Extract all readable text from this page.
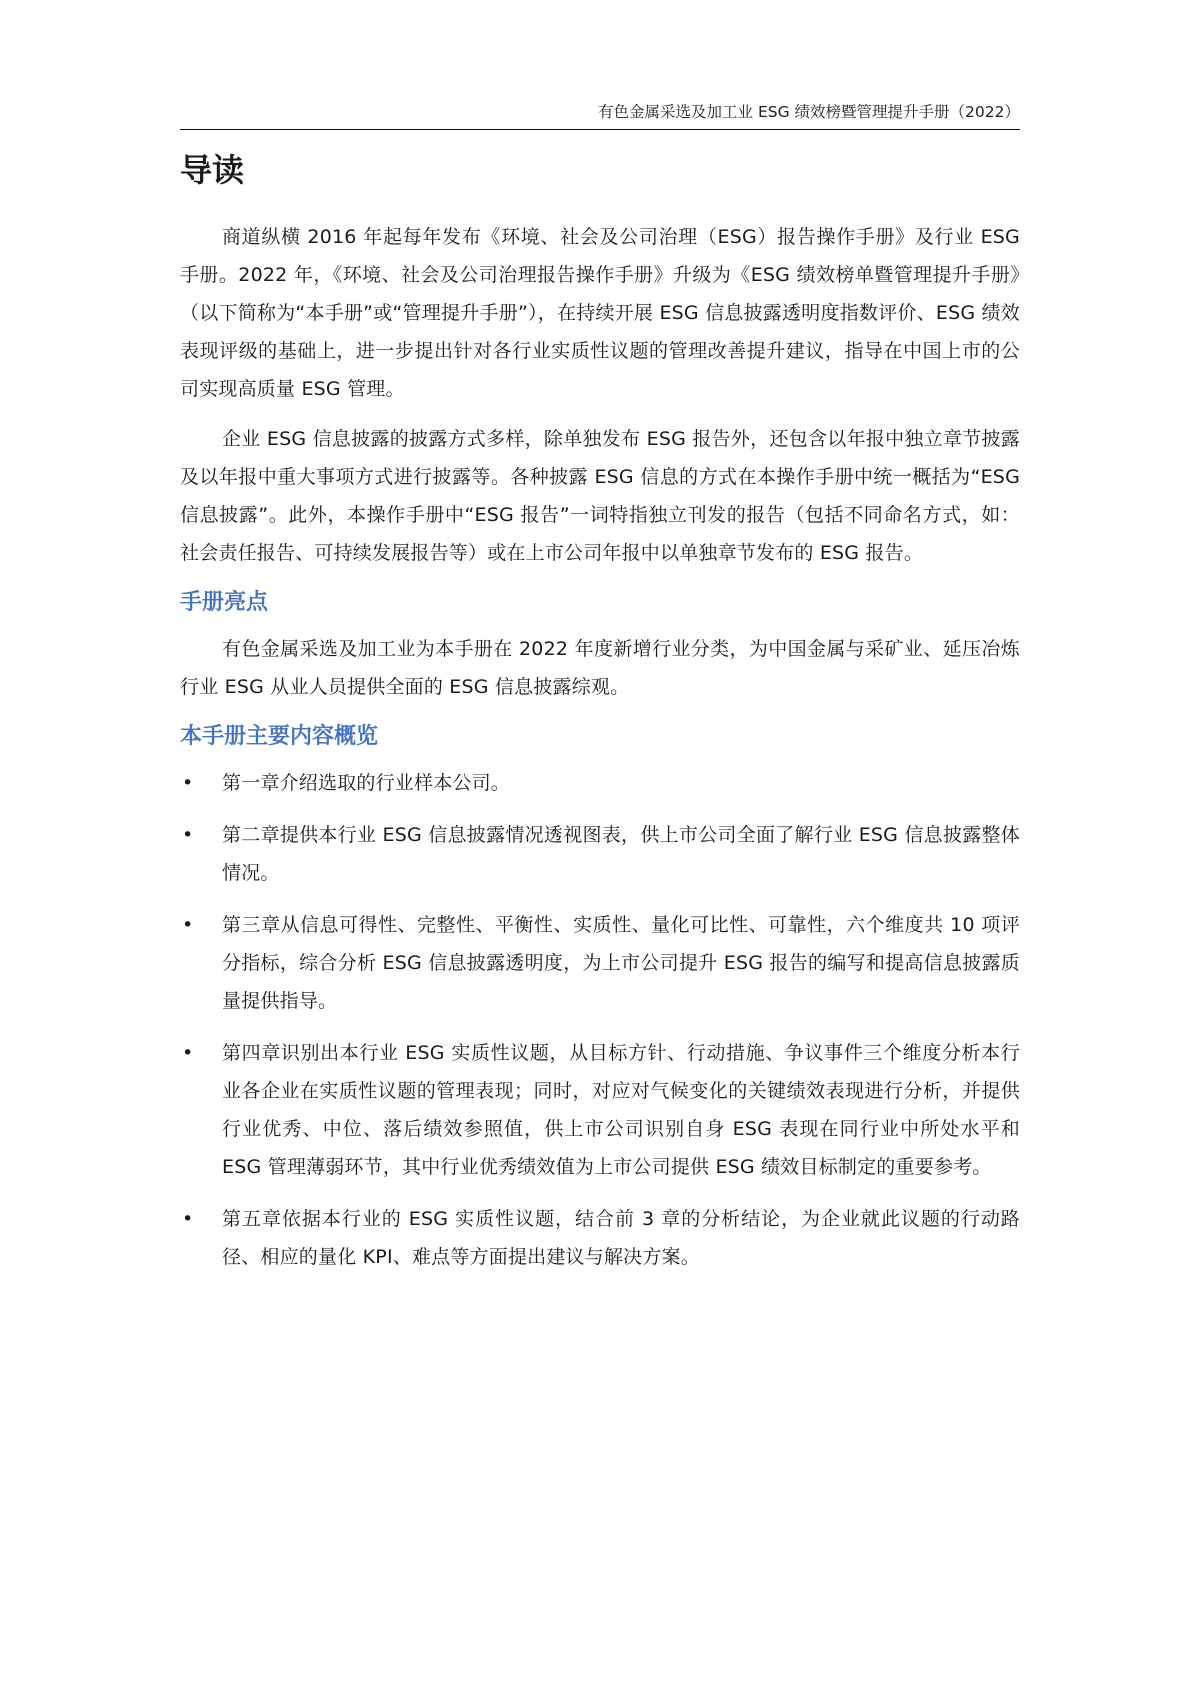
有色金属采选及加工业 ESG 绩效榜暨管理提升手册（2022）
导读

商道纵横 2016 年起每年发布《环境、社会及公司治理（ESG）报告操作手册》及行业 ESG 手册。2022 年，《环境、社会及公司治理报告操作手册》升级为《ESG 绩效榜单暨管理提升手册》（以下简称为“本手册”或“管理提升手册”），在持续开展 ESG 信息披露透明度指数评价、ESG 绩效表现评级的基础上，进一步提出针对各行业实质性议题的管理改善提升建议，指导在中国上市的公司实现高质量 ESG 管理。

企业 ESG 信息披露的披露方式多样，除单独发布 ESG 报告外，还包含以年报中独立章节披露及以年报中重大事项方式进行披露等。各种披露 ESG 信息的方式在本操作手册中统一概括为“ESG 信息披露”。此外，本操作手册中“ESG 报告”一词特指独立刊发的报告（包括不同命名方式，如：社会责任报告、可持续发展报告等）或在上市公司年报中以单独章节发布的 ESG 报告。

手册亮点

有色金属采选及加工业为本手册在 2022 年度新增行业分类，为中国金属与采矿业、延压冶炼行业 ESG 从业人员提供全面的 ESG 信息披露综观。

本手册主要内容概览
• 第一章介绍选取的行业样本公司。
• 第二章提供本行业 ESG 信息披露情况透视图表，供上市公司全面了解行业 ESG 信息披露整体情况。
• 第三章从信息可得性、完整性、平衡性、实质性、量化可比性、可靠性，六个维度共 10 项评分指标，综合分析 ESG 信息披露透明度，为上市公司提升 ESG 报告的编写和提高信息披露质量提供指导。
• 第四章识别出本行业 ESG 实质性议题，从目标方针、行动措施、争议事件三个维度分析本行业各企业在实质性议题的管理表现；同时，对应对气候变化的关键绩效表现进行分析，并提供行业优秀、中位、落后绩效参照值，供上市公司识别自身 ESG 表现在同行业中所处水平和 ESG 管理薄弱环节，其中行业优秀绩效值为上市公司提供 ESG 绩效目标制定的重要参考。
• 第五章依据本行业的 ESG 实质性议题，结合前 3 章的分析结论，为企业就此议题的行动路径、相应的量化 KPI、难点等方面提出建议与解决方案。
